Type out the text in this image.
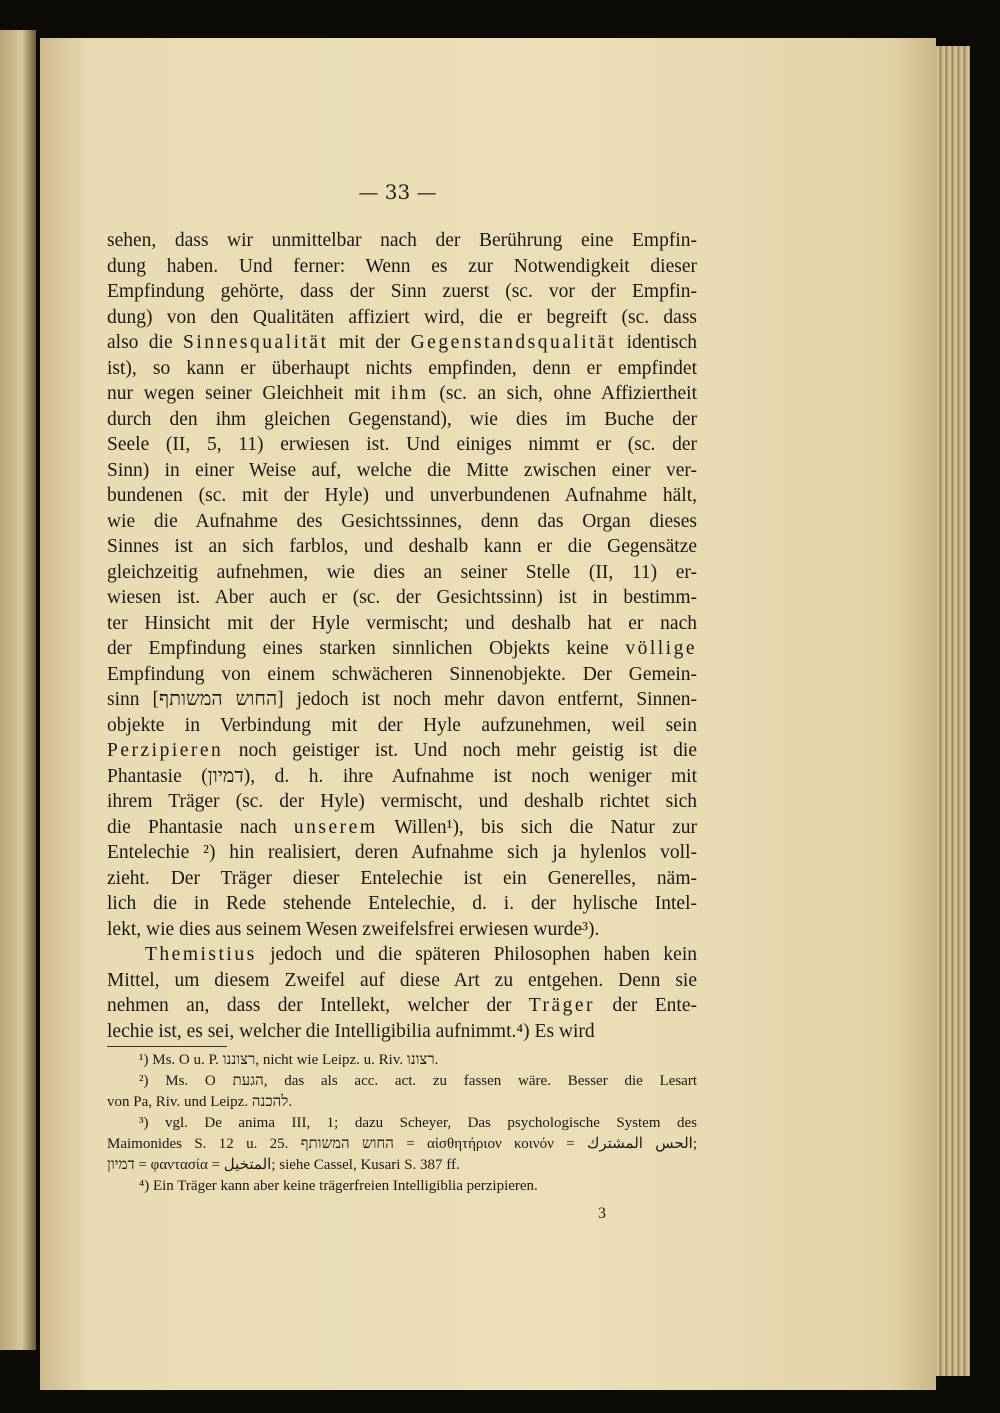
— 33 —
sehen, dass wir unmittelbar nach der Berührung eine Empfin-
dung haben. Und ferner: Wenn es zur Notwendigkeit dieser
Empfindung gehörte, dass der Sinn zuerst (sc. vor der Empfin-
dung) von den Qualitäten affiziert wird, die er begreift (sc. dass
also die Sinnesqualität mit der Gegenstandsqualität identisch
ist), so kann er überhaupt nichts empfinden, denn er empfindet
nur wegen seiner Gleichheit mit ihm (sc. an sich, ohne Affiziertheit
durch den ihm gleichen Gegenstand), wie dies im Buche der
Seele (II, 5, 11) erwiesen ist. Und einiges nimmt er (sc. der
Sinn) in einer Weise auf, welche die Mitte zwischen einer ver-
bundenen (sc. mit der Hyle) und unverbundenen Aufnahme hält,
wie die Aufnahme des Gesichtssinnes, denn das Organ dieses
Sinnes ist an sich farblos, und deshalb kann er die Gegensätze
gleichzeitig aufnehmen, wie dies an seiner Stelle (II, 11) er-
wiesen ist. Aber auch er (sc. der Gesichtssinn) ist in bestimm-
ter Hinsicht mit der Hyle vermischt; und deshalb hat er nach
der Empfindung eines starken sinnlichen Objekts keine völlige
Empfindung von einem schwächeren Sinnenobjekte. Der Gemein-
sinn [החוש המשותף] jedoch ist noch mehr davon entfernt, Sinnen-
objekte in Verbindung mit der Hyle aufzunehmen, weil sein
Perzipieren noch geistiger ist. Und noch mehr geistig ist die
Phantasie (דמיון), d. h. ihre Aufnahme ist noch weniger mit
ihrem Träger (sc. der Hyle) vermischt, und deshalb richtet sich
die Phantasie nach unserem Willen¹), bis sich die Natur zur
Entelechie ²) hin realisiert, deren Aufnahme sich ja hylenlos voll-
zieht. Der Träger dieser Entelechie ist ein Generelles, näm-
lich die in Rede stehende Entelechie, d. i. der hylische Intel-
lekt, wie dies aus seinem Wesen zweifelsfrei erwiesen wurde³).
Themistius jedoch und die späteren Philosophen haben kein
Mittel, um diesem Zweifel auf diese Art zu entgehen. Denn sie
nehmen an, dass der Intellekt, welcher der Träger der Ente-
lechie ist, es sei, welcher die Intelligibilia aufnimmt.⁴) Es wird
¹) Ms. O u. P. רצוננו, nicht wie Leipz. u. Riv. רצונו.
²) Ms. O הגעת, das als acc. act. zu fassen wäre. Besser die Lesart
von Pa, Riv. und Leipz. להכנה.
³) vgl. De anima III, 1; dazu Scheyer, Das psychologische System des
Maimonides S. 12 u. 25. החוש המשותף = αἰσθητήριον κοινόν = الحس المشترك;
דמיון = φαντασία = المتخيل; siehe Cassel, Kusari S. 387 ff.
⁴) Ein Träger kann aber keine trägerfreien Intelligiblia perzipieren.
3
